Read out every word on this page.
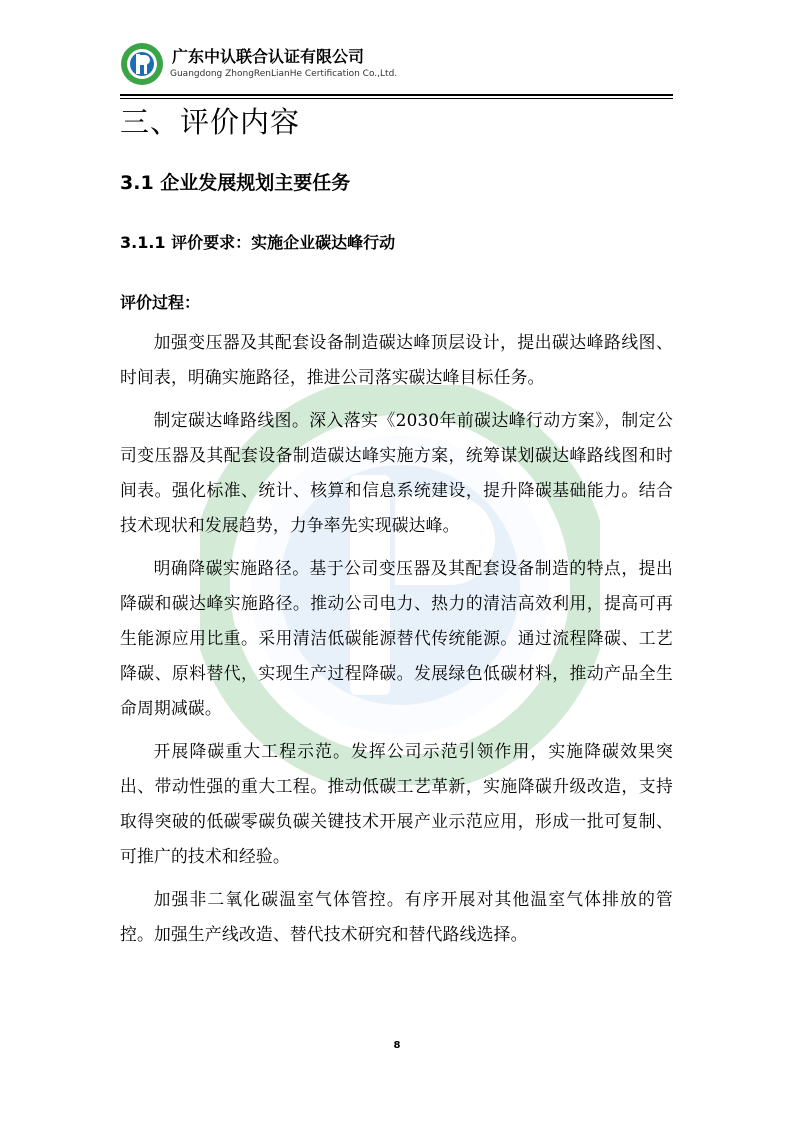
广东中认联合认证有限公司
Guangdong ZhongRenLianHe Certification Co.,Ltd.
三、评价内容
3.1 企业发展规划主要任务
3.1.1 评价要求：实施企业碳达峰行动
评价过程：

加强变压器及其配套设备制造碳达峰顶层设计，提出碳达峰路线图、时间表，明确实施路径，推进公司落实碳达峰目标任务。

制定碳达峰路线图。深入落实《2030年前碳达峰行动方案》，制定公司变压器及其配套设备制造碳达峰实施方案，统筹谋划碳达峰路线图和时间表。强化标准、统计、核算和信息系统建设，提升降碳基础能力。结合技术现状和发展趋势，力争率先实现碳达峰。

明确降碳实施路径。基于公司变压器及其配套设备制造的特点，提出降碳和碳达峰实施路径。推动公司电力、热力的清洁高效利用，提高可再生能源应用比重。采用清洁低碳能源替代传统能源。通过流程降碳、工艺降碳、原料替代，实现生产过程降碳。发展绿色低碳材料，推动产品全生命周期减碳。

开展降碳重大工程示范。发挥公司示范引领作用，实施降碳效果突出、带动性强的重大工程。推动低碳工艺革新，实施降碳升级改造，支持取得突破的低碳零碳负碳关键技术开展产业示范应用，形成一批可复制、可推广的技术和经验。

加强非二氧化碳温室气体管控。有序开展对其他温室气体排放的管控。加强生产线改造、替代技术研究和替代路线选择。

8
